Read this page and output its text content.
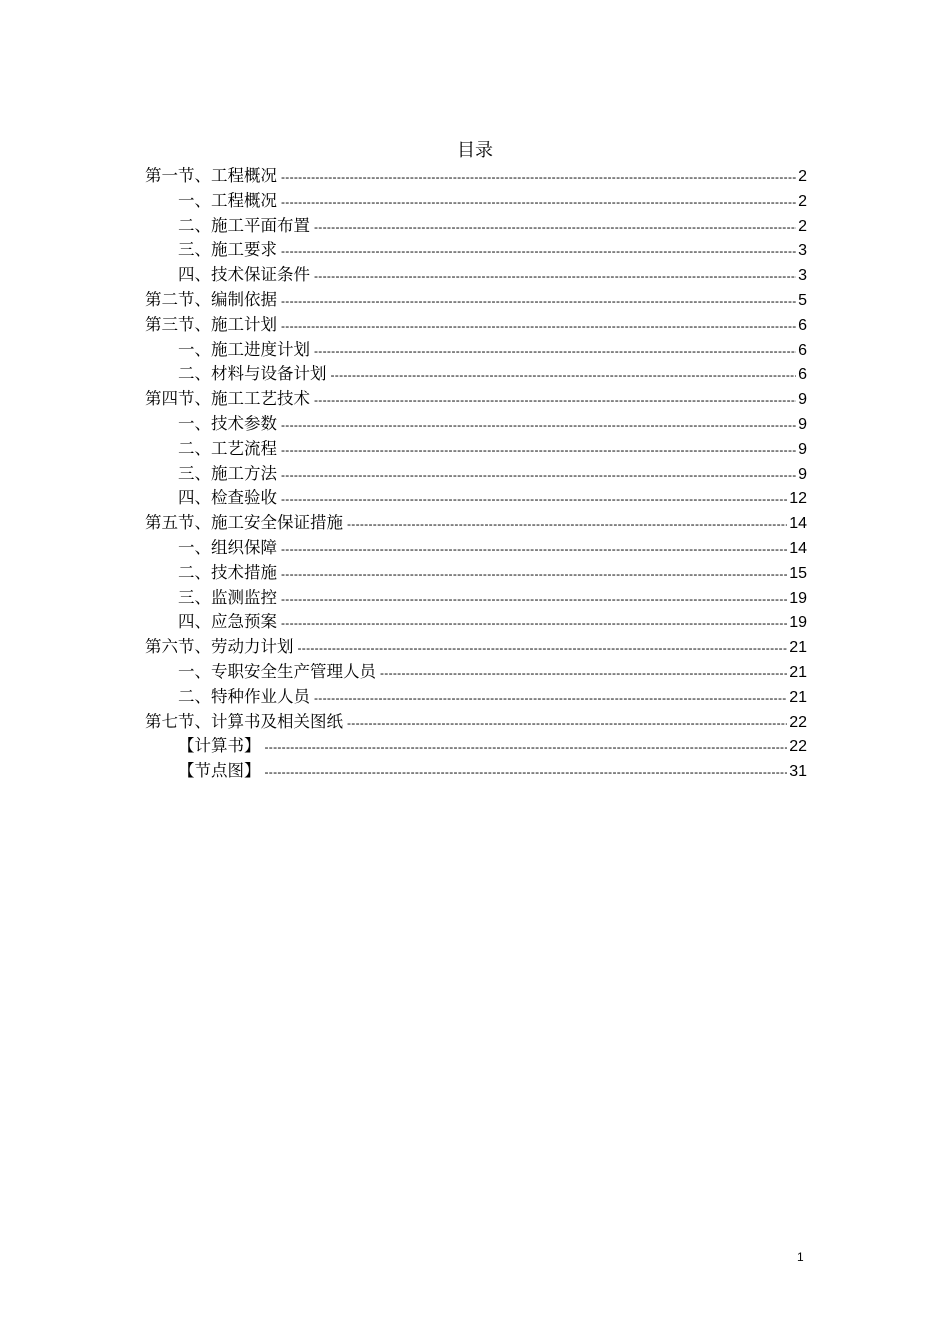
目录
第一节、工程概况 -----	2
一、工程概况 -----	2
二、施工平面布置 -----	2
三、施工要求 -----	3
四、技术保证条件 -----	3
第二节、编制依据 -----	5
第三节、施工计划 -----	6
一、施工进度计划 -----	6
二、材料与设备计划 -----	6
第四节、施工工艺技术 -----	9
一、技术参数 -----	9
二、工艺流程 -----	9
三、施工方法 -----	9
四、检查验收 -----	12
第五节、施工安全保证措施 -----	14
一、组织保障 -----	14
二、技术措施 -----	15
三、监测监控 -----	19
四、应急预案 -----	19
第六节、劳动力计划 -----	21
一、专职安全生产管理人员 -----	21
二、特种作业人员 -----	21
第七节、计算书及相关图纸 -----	22
【计算书】 -----	22
【节点图】 -----	31
1
